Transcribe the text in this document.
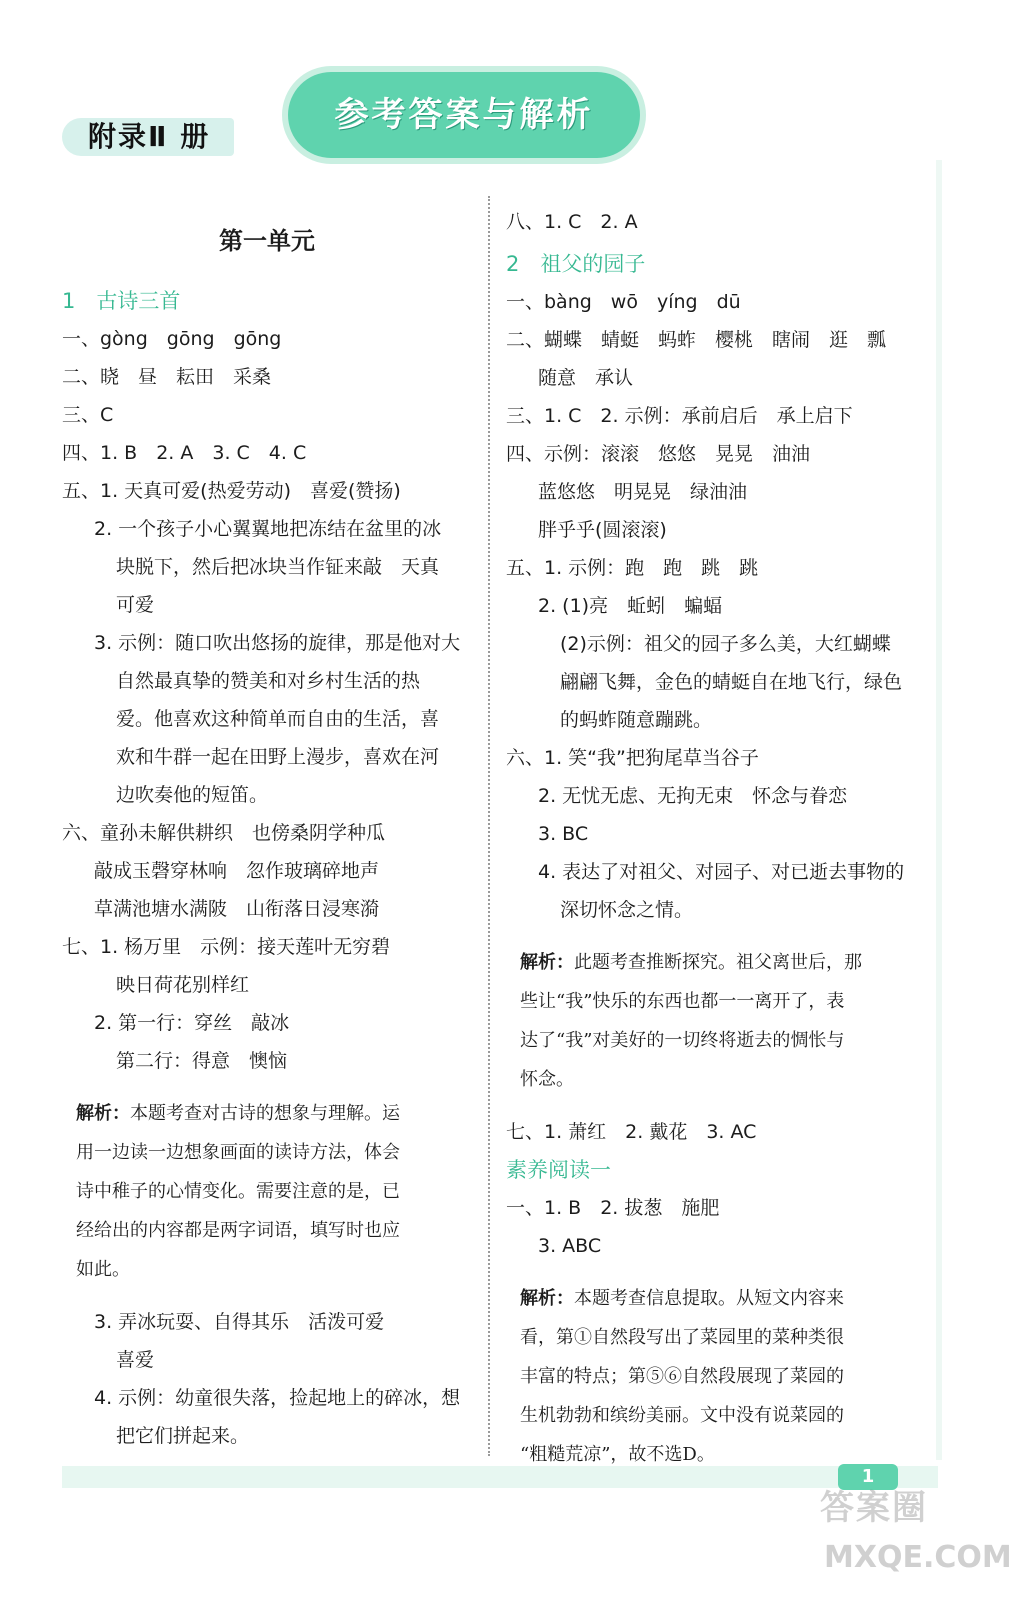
附录Ⅱ 册
参考答案与解析

第一单元

1　古诗三首

一、gòng　gōng　gōng

二、晓　昼　耘田　采桑

三、C

四、1. B　2. A　3. C　4. C

五、1. 天真可爱(热爱劳动)　喜爱(赞扬)

2. 一个孩子小心翼翼地把冻结在盆里的冰

块脱下，然后把冰块当作钲来敲　天真

可爱

3. 示例：随口吹出悠扬的旋律，那是他对大

自然最真挚的赞美和对乡村生活的热

爱。他喜欢这种简单而自由的生活，喜

欢和牛群一起在田野上漫步，喜欢在河

边吹奏他的短笛。

六、童孙未解供耕织　也傍桑阴学种瓜

敲成玉磬穿林响　忽作玻璃碎地声

草满池塘水满陂　山衔落日浸寒漪

七、1. 杨万里　示例：接天莲叶无穷碧

映日荷花别样红

2. 第一行：穿丝　敲冰

第二行：得意　懊恼

解析：本题考查对古诗的想象与理解。运
用一边读一边想象画面的读诗方法，体会
诗中稚子的心情变化。需要注意的是，已
经给出的内容都是两字词语，填写时也应
如此。

3. 弄冰玩耍、自得其乐　活泼可爱

喜爱

4. 示例：幼童很失落，捡起地上的碎冰，想

把它们拼起来。

八、1. C　2. A

2　祖父的园子

一、bàng　wō　yíng　dū

二、蝴蝶　蜻蜓　蚂蚱　樱桃　瞎闹　逛　瓢

随意　承认

三、1. C　2. 示例：承前启后　承上启下

四、示例：滚滚　悠悠　晃晃　油油

蓝悠悠　明晃晃　绿油油

胖乎乎(圆滚滚)

五、1. 示例：跑　跑　跳　跳

2. (1)亮　蚯蚓　蝙蝠

(2)示例：祖父的园子多么美，大红蝴蝶

翩翩飞舞，金色的蜻蜓自在地飞行，绿色

的蚂蚱随意蹦跳。

六、1. 笑“我”把狗尾草当谷子

2. 无忧无虑、无拘无束　怀念与眷恋

3. BC

4. 表达了对祖父、对园子、对已逝去事物的

深切怀念之情。

解析：此题考查推断探究。祖父离世后，那
些让“我”快乐的东西也都一一离开了，表
达了“我”对美好的一切终将逝去的惆怅与
怀念。

七、1. 萧红　2. 戴花　3. AC

素养阅读一

一、1. B　2. 拔葱　施肥

3. ABC

解析：本题考查信息提取。从短文内容来
看，第①自然段写出了菜园里的菜种类很
丰富的特点；第⑤⑥自然段展现了菜园的
生机勃勃和缤纷美丽。文中没有说菜园的
“粗糙荒凉”，故不选D。
1
答案圈
MXQE.COM
